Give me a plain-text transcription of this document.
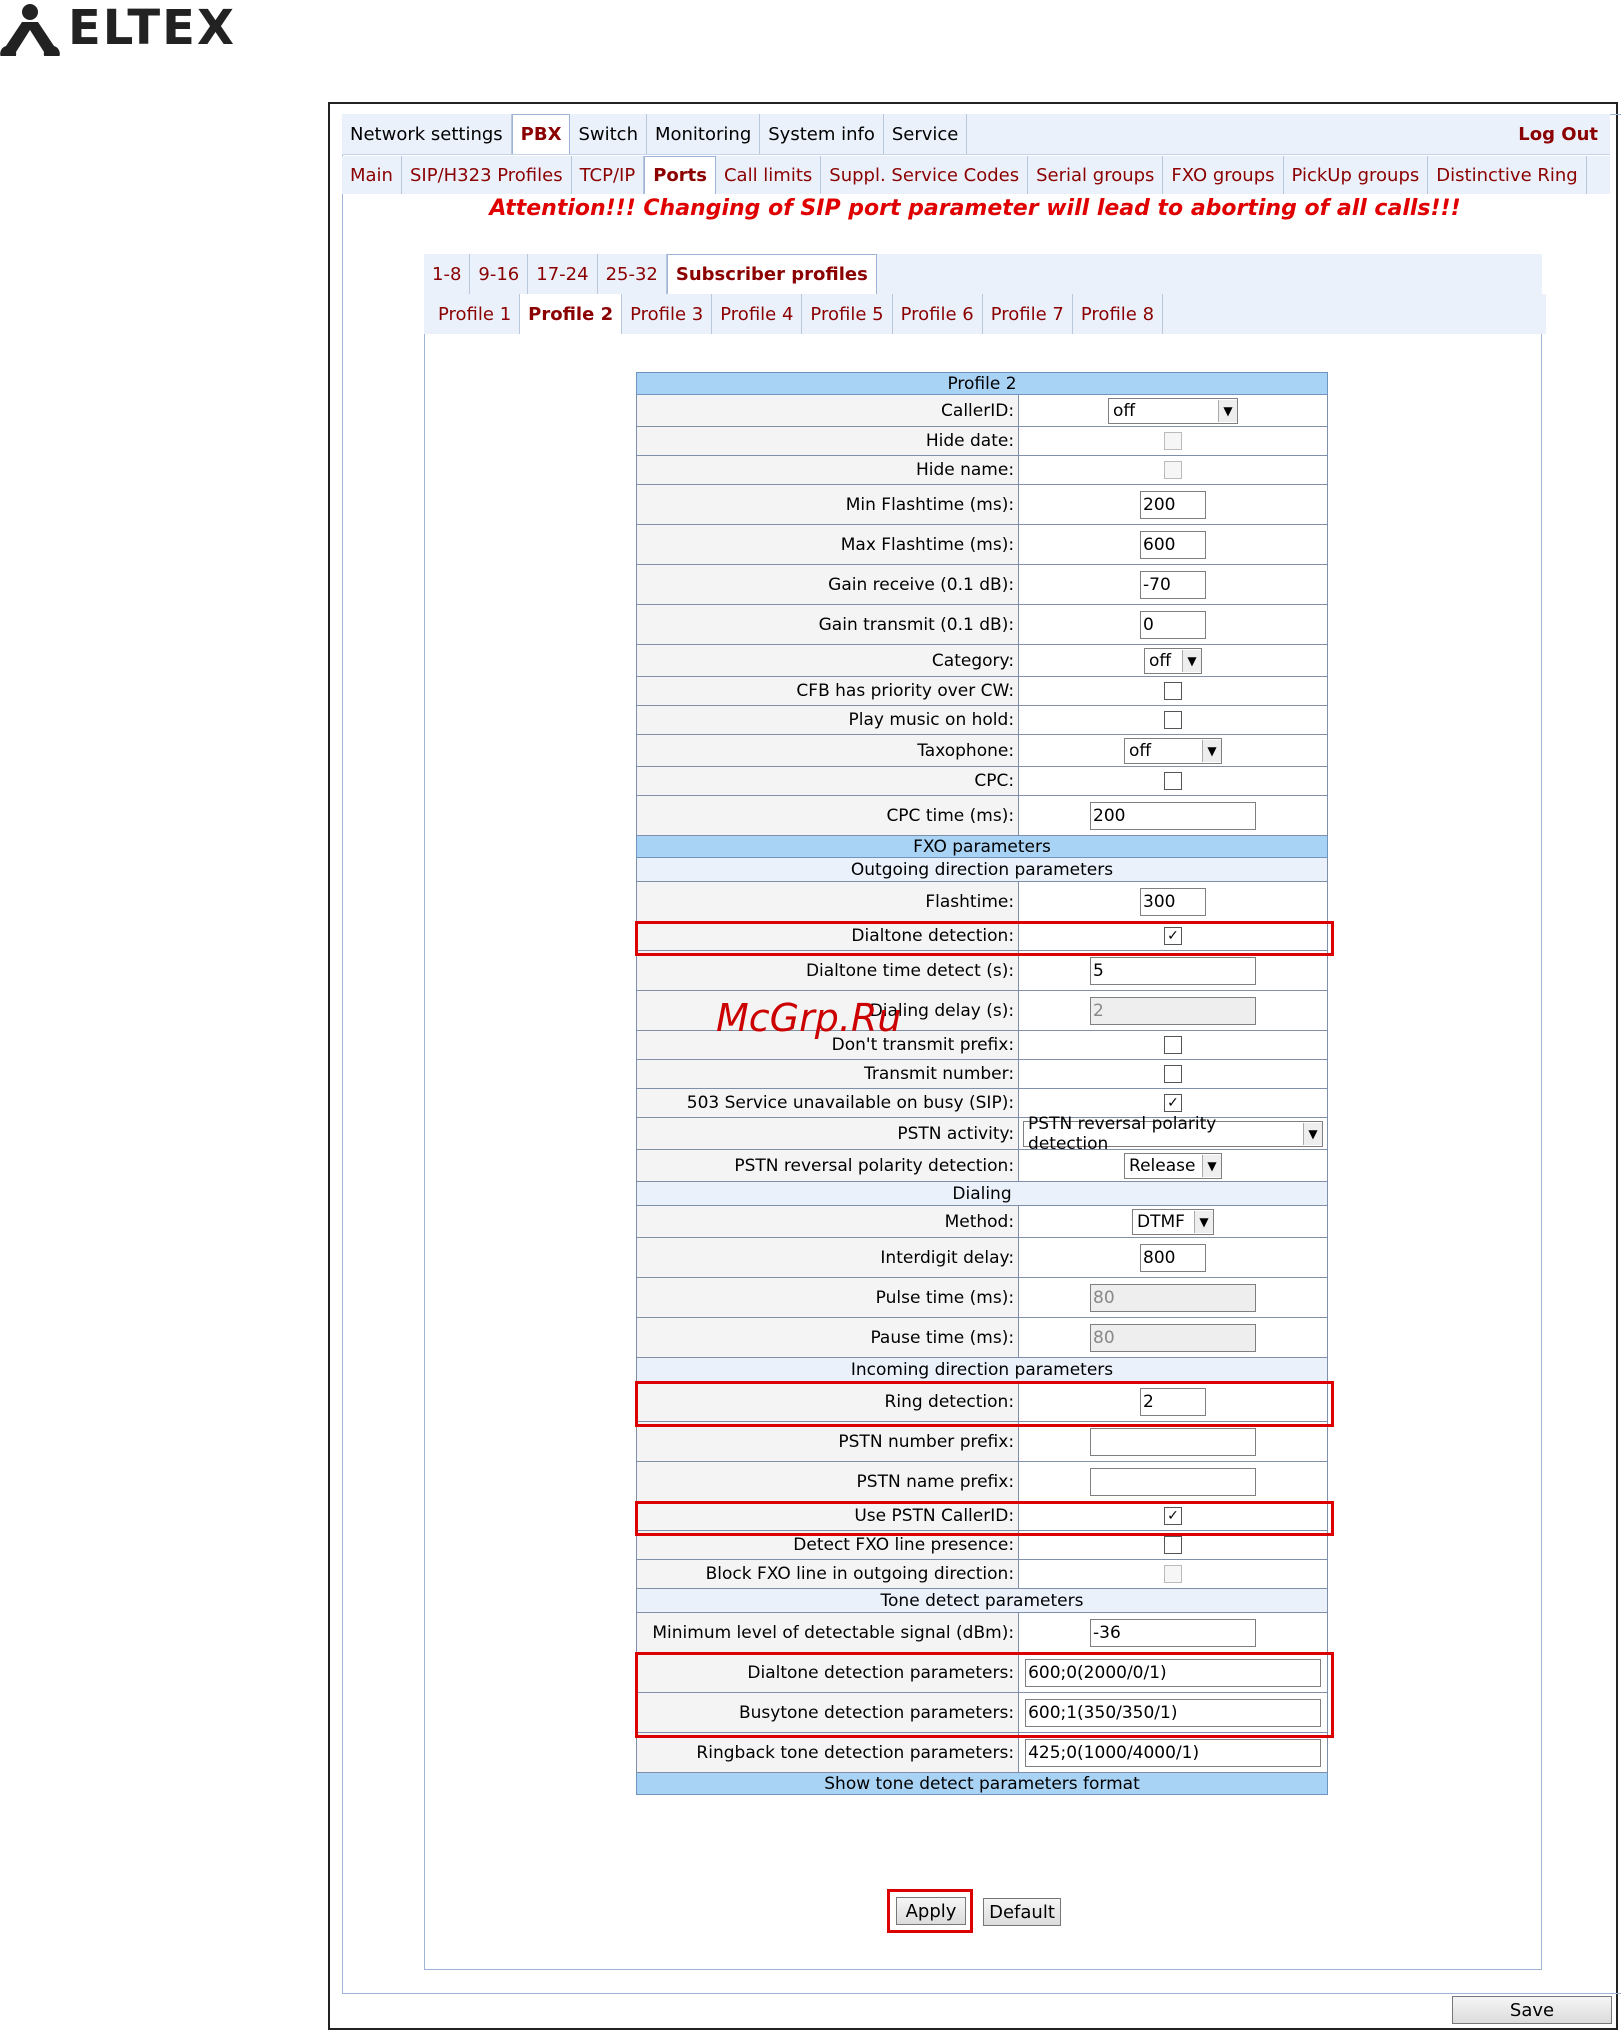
ELTEX
Network settings	PBX Switch Monitoring System info Service	Log Out
Main SIP/H323 Profiles TCP/IP	Ports Call limits Suppl. Service Codes Serial groups FXO groups PickUp groups Distinctive Ring
Attention!!! Changing of SIP port parameter will lead to aborting of all calls!!!
1-8 9-16 17-24 25-32	Subscriber profiles
Profile 1 Profile 2 Profile 3 Profile 4 Profile 5 Profile 6 Profile 7 Profile 8
Profile 2	
CallerID:	off ▼

Hide date:	

Hide name:	

Min Flashtime (ms):	200

Max Flashtime (ms):	600

Gain receive (0.1 dB):	-70

Gain transmit (0.1 dB):	0

Category:	off ▼

CFB has priority over CW:	

Play music on hold:	

Taxophone:	off ▼

CPC:	

CPC time (ms):	200

FXO parameters	
Outgoing direction parameters	
Flashtime:	300

Dialtone detection:	✓

Dialtone time detect (s):	5

Dialing delay (s):	2

Don't transmit prefix:	

Transmit number:	

503 Service unavailable on busy (SIP):	✓

PSTN activity:	PSTN reversal polarity detection ▼

PSTN reversal polarity detection:	Release ▼

Dialing	
Method:	DTMF ▼

Interdigit delay:	800

Pulse time (ms):	80

Pause time (ms):	80

Incoming direction parameters	
Ring detection:	2

PSTN number prefix:	

PSTN name prefix:	

Use PSTN CallerID:	✓

Detect FXO line presence:	

Block FXO line in outgoing direction:	

Tone detect parameters	
Minimum level of detectable signal (dBm):	-36

Dialtone detection parameters:	600;0(2000/0/1)

Busytone detection parameters:	600;1(350/350/1)

Ringback tone detection parameters:	425;0(1000/4000/1)

Show tone detect parameters format	
Apply	Default
Save
McGrp.Ru
